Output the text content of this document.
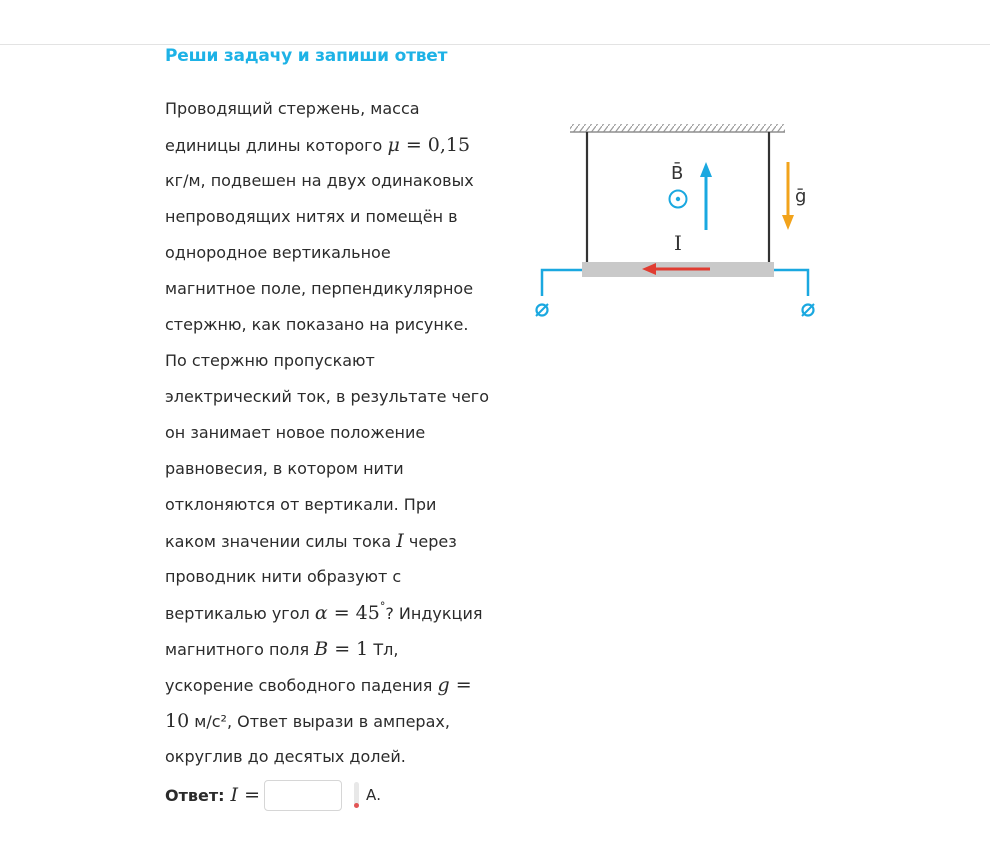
Реши задачу и запиши ответ
Проводящий стержень, масса
единицы длины которого μ = 0,15
кг/м, подвешен на двух одинаковых
непроводящих нитях и помещён в
однородное вертикальное
магнитное поле, перпендикулярное
стержню, как показано на рисунке.
По стержню пропускают
электрический ток, в результате чего
он занимает новое положение
равновесия, в котором нити
отклоняются от вертикали. При
каком значении силы тока I через
проводник нити образуют с
вертикалью угол α = 45°? Индукция
магнитного поля B = 1 Тл,
ускорение свободного падения g =
10 м/с², Ответ вырази в амперах,
округлив до десятых долей.
Ответ: I =	А.
B̄
ḡ
I
